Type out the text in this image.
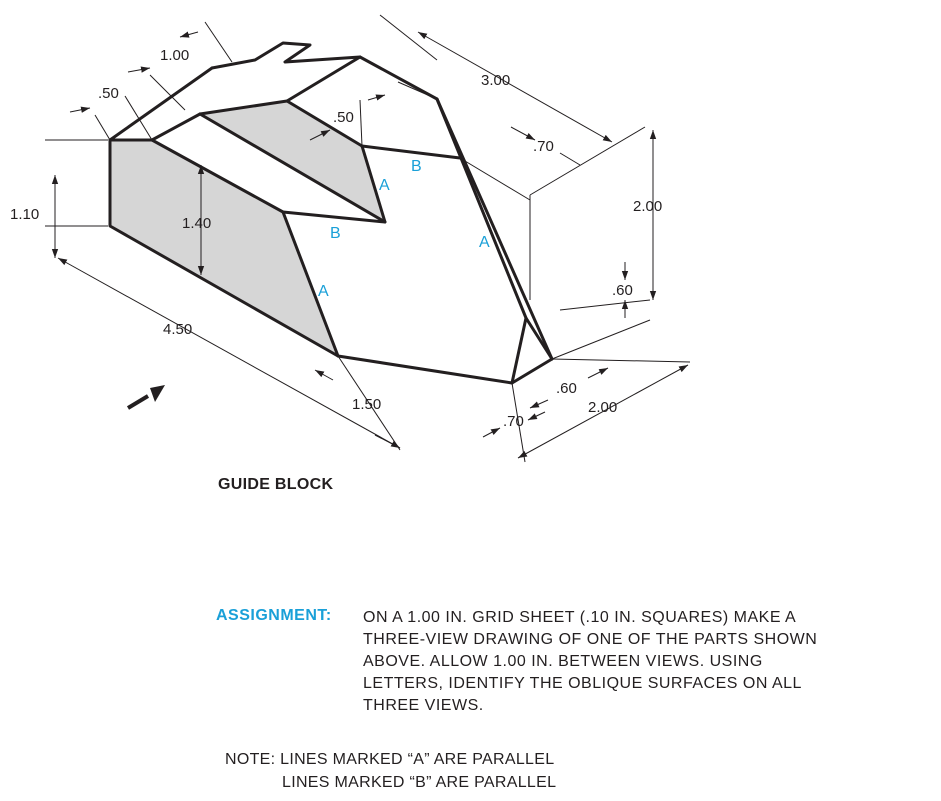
1.00
.50
.50
3.00
.70
2.00
1.10
1.40
.60
4.50
1.50
.60
2.00
.70
A
B
B
A
A
GUIDE BLOCK
ASSIGNMENT: ON A 1.00 IN. GRID SHEET (.10 IN. SQUARES) MAKE A
THREE-VIEW DRAWING OF ONE OF THE PARTS SHOWN
ABOVE. ALLOW 1.00 IN. BETWEEN VIEWS. USING
LETTERS, IDENTIFY THE OBLIQUE SURFACES ON ALL
THREE VIEWS.
NOTE: LINES MARKED “A” ARE PARALLEL
LINES MARKED “B” ARE PARALLEL
